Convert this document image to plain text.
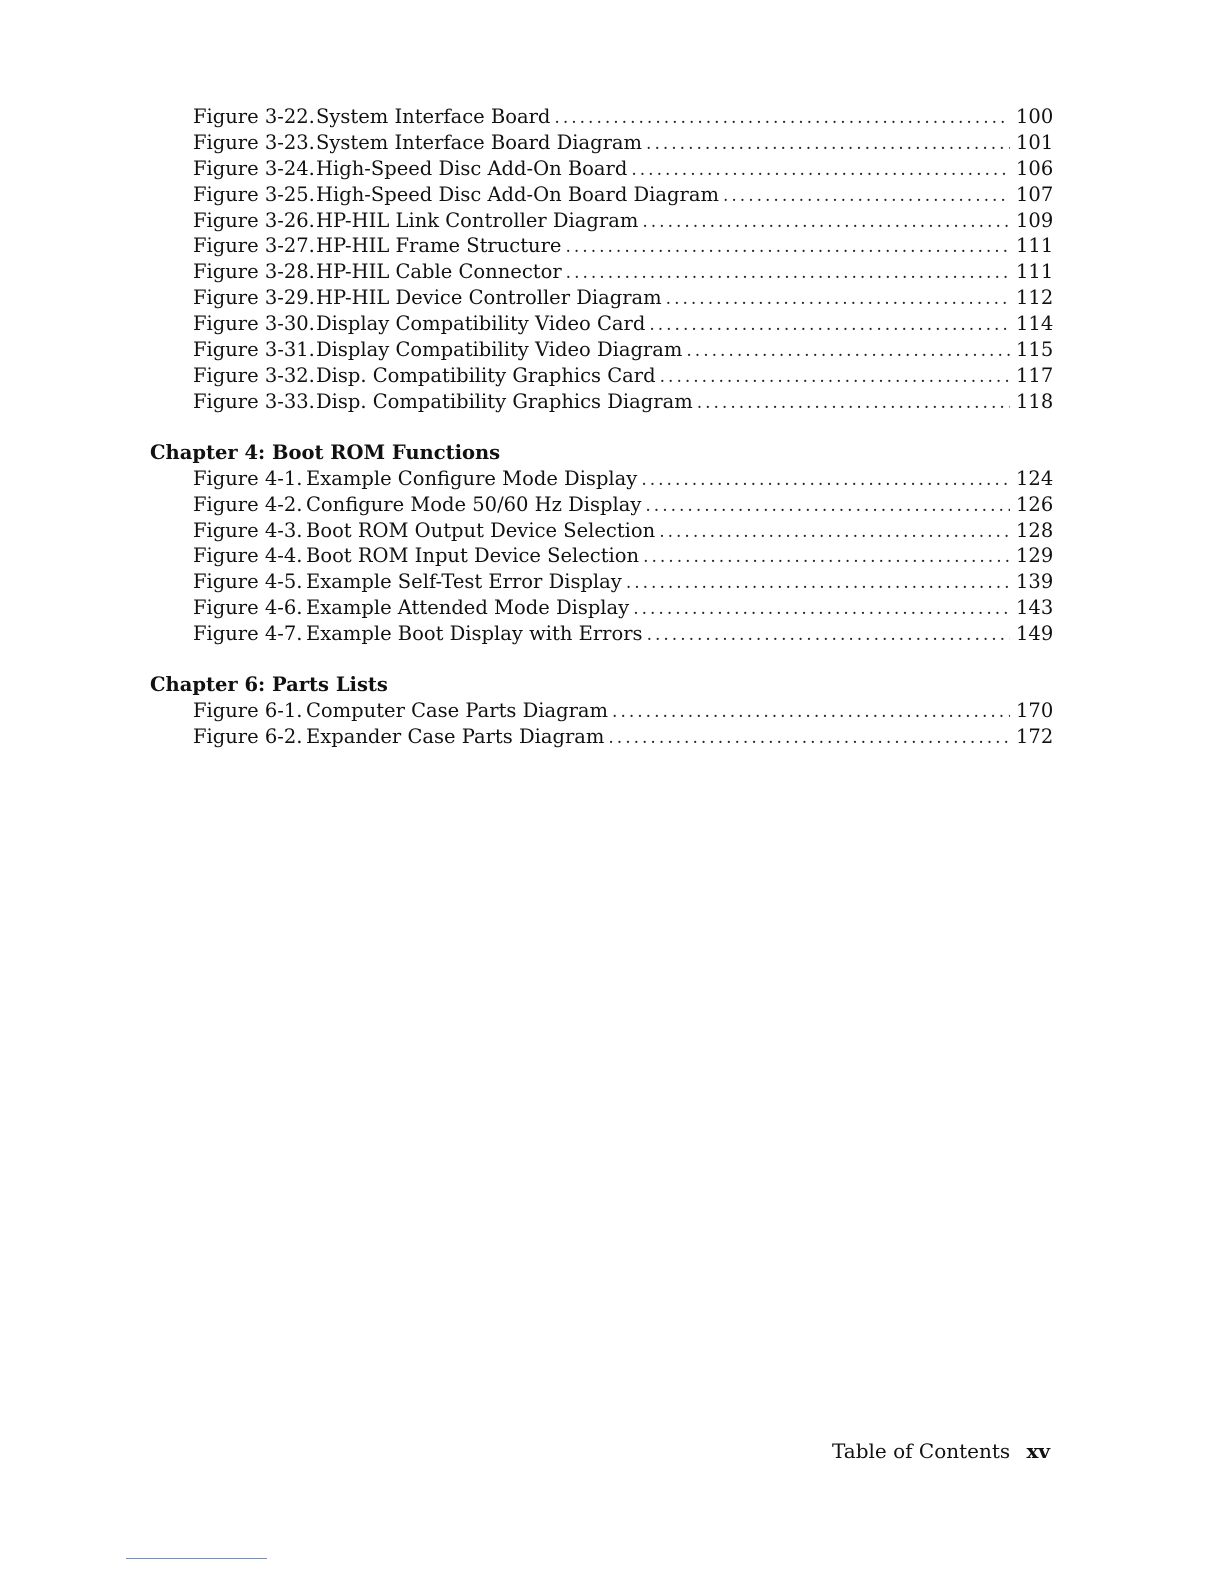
Figure 3-22. System Interface Board . . .	100
Figure 3-23. System Interface Board Diagram . . .	101
Figure 3-24. High-Speed Disc Add-On Board . . .	106
Figure 3-25. High-Speed Disc Add-On Board Diagram . . .	107
Figure 3-26. HP-HIL Link Controller Diagram . . .	109
Figure 3-27. HP-HIL Frame Structure . . .	111
Figure 3-28. HP-HIL Cable Connector . . .	111
Figure 3-29. HP-HIL Device Controller Diagram . . .	112
Figure 3-30. Display Compatibility Video Card . . .	114
Figure 3-31. Display Compatibility Video Diagram . . .	115
Figure 3-32. Disp. Compatibility Graphics Card . . .	117
Figure 3-33. Disp. Compatibility Graphics Diagram . . .	118
Chapter 4: Boot ROM Functions
Figure 4-1. Example Configure Mode Display . . .	124
Figure 4-2. Configure Mode 50/60 Hz Display . . .	126
Figure 4-3. Boot ROM Output Device Selection . . .	128
Figure 4-4. Boot ROM Input Device Selection . . .	129
Figure 4-5. Example Self-Test Error Display . . .	139
Figure 4-6. Example Attended Mode Display . . .	143
Figure 4-7. Example Boot Display with Errors . . .	149
Chapter 6: Parts Lists
Figure 6-1. Computer Case Parts Diagram . . .	170
Figure 6-2. Expander Case Parts Diagram . . .	172
Table of Contents xv
